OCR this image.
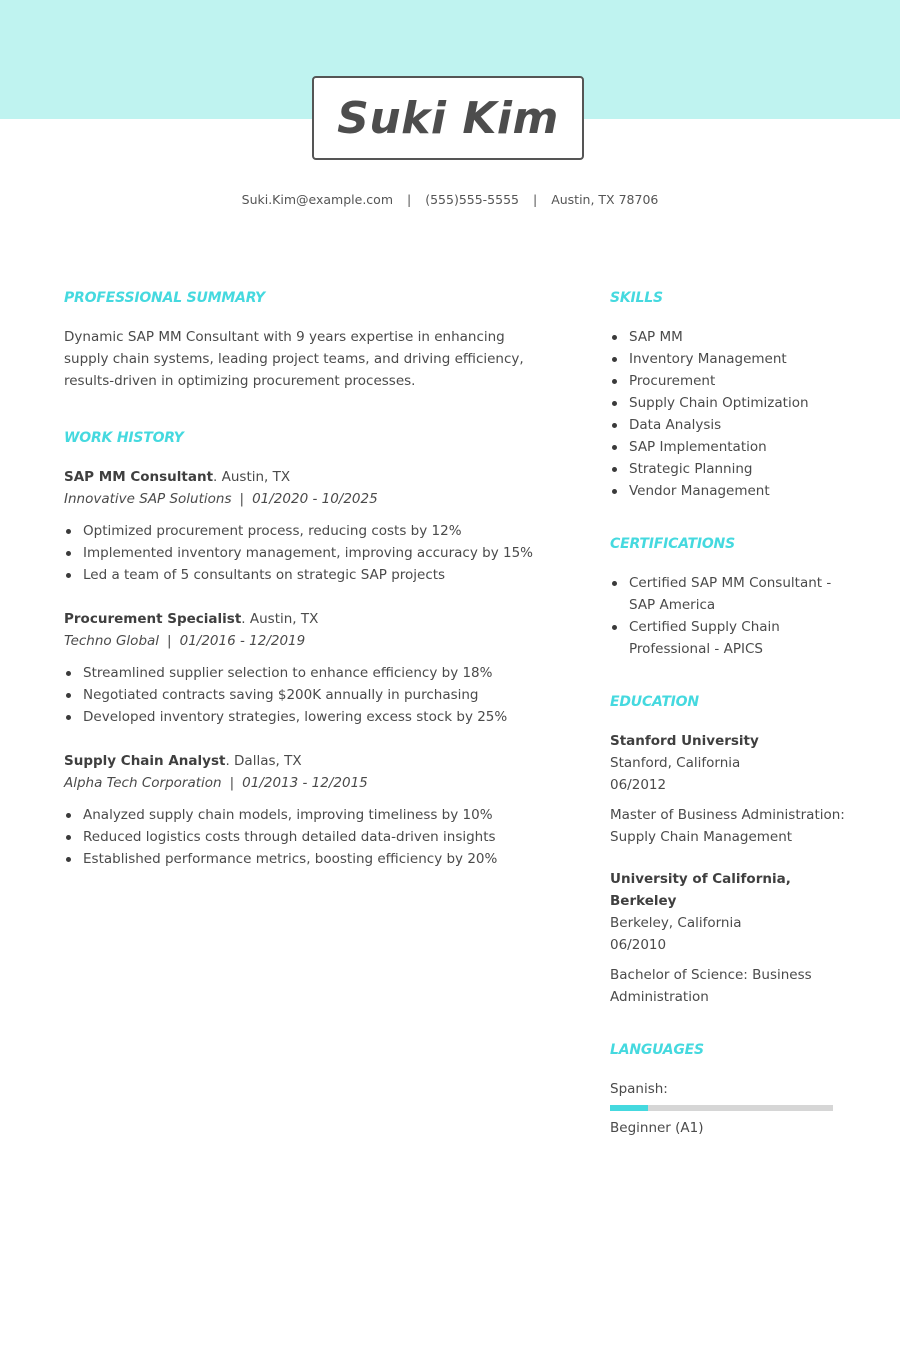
Suki Kim
Suki.Kim@example.com | (555)555-5555 | Austin, TX 78706
PROFESSIONAL SUMMARY

Dynamic SAP MM Consultant with 9 years expertise in enhancing supply chain systems, leading project teams, and driving efficiency, results-driven in optimizing procurement processes.

WORK HISTORY
SAP MM Consultant. Austin, TX
Innovative SAP Solutions | 01/2020 - 10/2025
Optimized procurement process, reducing costs by 12%
Implemented inventory management, improving accuracy by 15%
Led a team of 5 consultants on strategic SAP projects
Procurement Specialist. Austin, TX
Techno Global | 01/2016 - 12/2019
Streamlined supplier selection to enhance efficiency by 18%
Negotiated contracts saving $200K annually in purchasing
Developed inventory strategies, lowering excess stock by 25%
Supply Chain Analyst. Dallas, TX
Alpha Tech Corporation | 01/2013 - 12/2015
Analyzed supply chain models, improving timeliness by 10%
Reduced logistics costs through detailed data-driven insights
Established performance metrics, boosting efficiency by 20%
SKILLS
SAP MM
Inventory Management
Procurement
Supply Chain Optimization
Data Analysis
SAP Implementation
Strategic Planning
Vendor Management
CERTIFICATIONS
Certified SAP MM Consultant - SAP America
Certified Supply Chain Professional - APICS
EDUCATION
Stanford University
Stanford, California
06/2012
Master of Business Administration: Supply Chain Management
University of California, Berkeley
Berkeley, California
06/2010
Bachelor of Science: Business Administration
LANGUAGES
Spanish:
Beginner (A1)
